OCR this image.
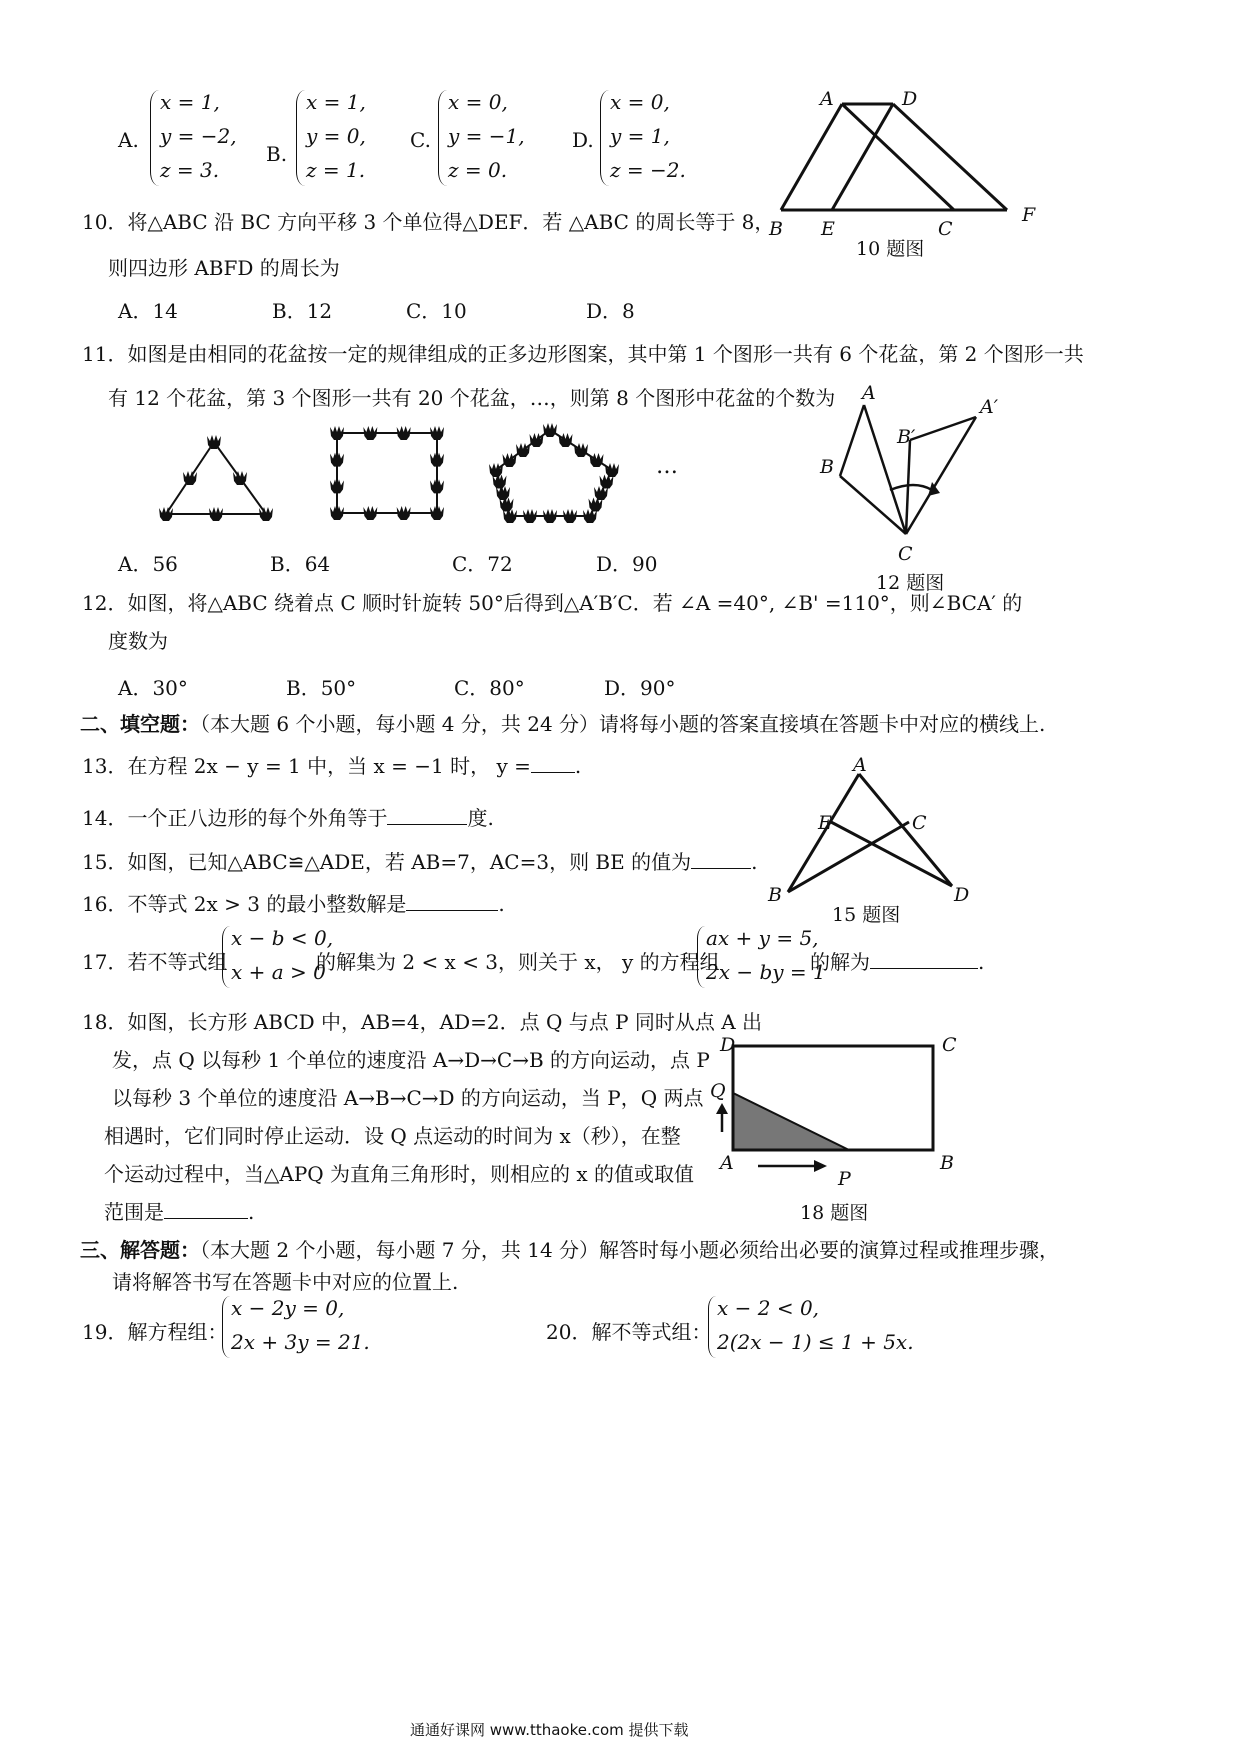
A.
x = 1,
y = −2,
z = 3.
B.
x = 1,
y = 0,
z = 1.
C.
x = 0,
y = −1,
z = 0.
D.
x = 0,
y = 1,
z = −2.
A	D
B E	C
F
10 题图
10．将△ABC 沿 BC 方向平移 3 个单位得△DEF．若 △ABC 的周长等于 8，
则四边形 ABFD 的周长为
A．14	B．12	C．10	D．8
11．如图是由相同的花盆按一定的规律组成的正多边形图案，其中第 1 个图形一共有 6 个花盆，第 2 个图形一共
有 12 个花盆，第 3 个图形一共有 20 个花盆，…，则第 8 个图形中花盆的个数为
…
A．56	B．64	C．72	D．90
A
A′
B′
B
C
12 题图
12．如图，将△ABC 绕着点 C 顺时针旋转 50°后得到△A′B′C．若 ∠A =40°, ∠B' =110°，则∠BCA′ 的
度数为
A．30°	B．50°	C．80°	D．90°
二、填空题：（本大题 6 个小题，每小题 4 分，共 24 分）请将每小题的答案直接填在答题卡中对应的横线上.
13．在方程 2x − y = 1 中，当 x = −1 时， y = .
14．一个正八边形的每个外角等于	度.
15．如图，已知△ABC≌△ADE，若 AB=7，AC=3，则 BE 的值为	.
A
E	C
B	D
15 题图
16．不等式 2x > 3 的最小整数解是	.
17．若不等式组
x − b < 0,
x + a > 0
的解集为 2 < x < 3，则关于 x， y 的方程组
ax + y = 5,
2x − by = 1
的解为	.
18．如图，长方形 ABCD 中，AB=4，AD=2．点 Q 与点 P 同时从点 A 出
发，点 Q 以每秒 1 个单位的速度沿 A→D→C→B 的方向运动，点 P
以每秒 3 个单位的速度沿 A→B→C→D 的方向运动，当 P，Q 两点
相遇时，它们同时停止运动．设 Q 点运动的时间为 x（秒），在整
个运动过程中，当△APQ 为直角三角形时，则相应的 x 的值或取值
范围是	.
D	C
Q
A
P
B
18 题图
三、解答题：（本大题 2 个小题，每小题 7 分，共 14 分）解答时每小题必须给出必要的演算过程或推理步骤，
请将解答书写在答题卡中对应的位置上.
19．解方程组：
x − 2y = 0,
2x + 3y = 21.	20．解不等式组：
x − 2 < 0,
2(2x − 1) ≤ 1 + 5x.
通通好课网 www.tthaoke.com 提供下载
